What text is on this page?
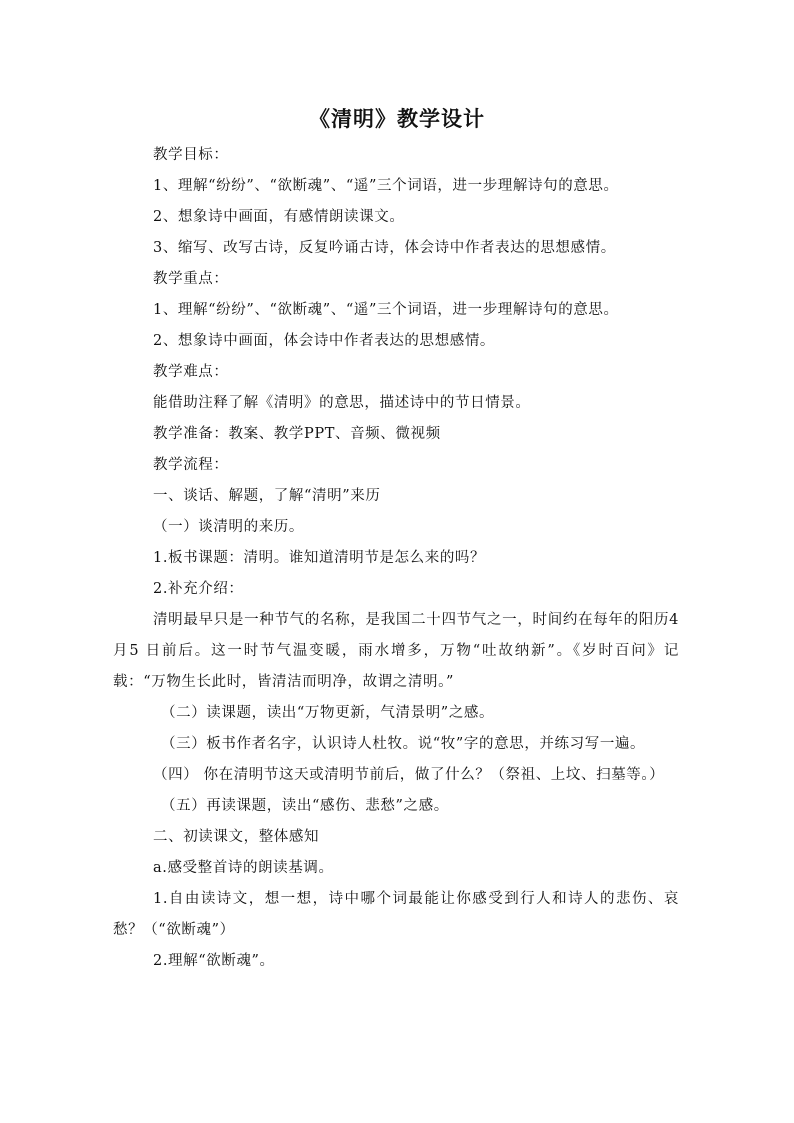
《清明》教学设计

教学目标：

1、理解“纷纷”、“欲断魂”、“遥”三个词语，进一步理解诗句的意思。

2、想象诗中画面，有感情朗读课文。

3、缩写、改写古诗，反复吟诵古诗，体会诗中作者表达的思想感情。

教学重点：

1、理解“纷纷”、“欲断魂”、“遥”三个词语，进一步理解诗句的意思。

2、想象诗中画面，体会诗中作者表达的思想感情。

教学难点：

能借助注释了解《清明》的意思，描述诗中的节日情景。

教学准备：教案、教学PPT、音频、微视频

教学流程：

一、谈话、解题，了解“清明”来历

（一）谈清明的来历。

1.板书课题：清明。谁知道清明节是怎么来的吗？

2.补充介绍：

清明最早只是一种节气的名称，是我国二十四节气之一，时间约在每年的阳历4 月5 日前后。这一时节气温变暖，雨水增多，万物“吐故纳新”。《岁时百问》记载：“万物生长此时，皆清洁而明净，故谓之清明。”

（二）读课题，读出“万物更新，气清景明”之感。

（三）板书作者名字，认识诗人杜牧。说“牧”字的意思，并练习写一遍。

（四） 你在清明节这天或清明节前后，做了什么？（祭祖、上坟、扫墓等。）

（五）再读课题，读出“感伤、悲愁”之感。

二、初读课文，整体感知

a.感受整首诗的朗读基调。

1.自由读诗文，想一想，诗中哪个词最能让你感受到行人和诗人的悲伤、哀愁？（“欲断魂”）

2.理解“欲断魂”。
